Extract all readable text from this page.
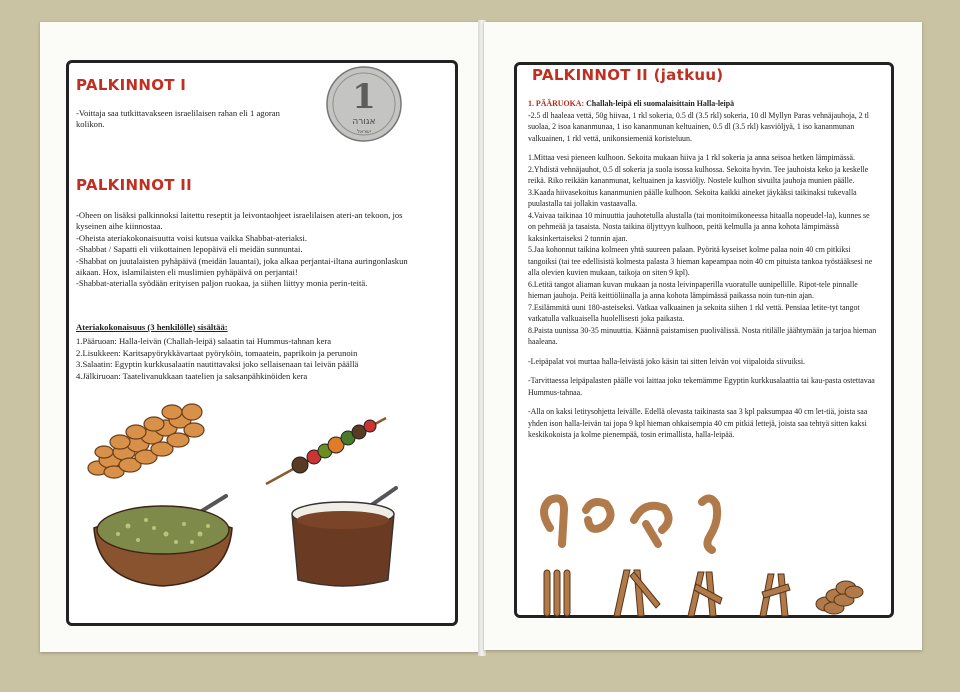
PALKINNOT I

-Voittaja saa tutkittavakseen israelilaisen rahan eli 1 agoran kolikon.

1
אגורה
ישראל
PALKINNOT II

-Oheen on lisäksi palkinnoksi laitettu reseptit ja leivontaohjeet israelilaisen ateri-an tekoon, jos kyseinen aihe kiinnostaa.

-Oheista ateriakokonaisuutta voisi kutsua vaikka Shabbat-ateriaksi.

-Shabbat / Sapatti eli viikottainen lepopäivä eli meidän sunnuntai.

-Shabbat on juutalaisten pyhäpäivä (meidän lauantai), joka alkaa perjantai-iltana auringonlaskun aikaan. Hox, islamilaisten eli muslimien pyhäpäivä on perjantai!

-Shabbat-aterialla syödään erityisen paljon ruokaa, ja siihen liittyy monia perin-teitä.

Ateriakokonaisuus (3 henkilölle) sisältää:

1.Pääruoan: Halla-leivän (Challah-leipä) salaatin tai Hummus-tahnan kera

2.Lisukkeen: Karitsapyörykkävartaat pyöryköin, tomaatein, paprikoin ja perunoin

3.Salaatin: Egyptin kurkkusalaatin nautittavaksi joko sellaisenaan tai leivän päällä

4.Jälkiruoan: Taatelivanukkaan taatelien ja saksanpähkinöiden kera

PALKINNOT II (jatkuu)

1. PÄÄRUOKA: Challah-leipä eli suomalaisittain Halla-leipä

-2.5 dl haaleaa vettä, 50g hiivaa, 1 rkl sokeria, 0.5 dl (3.5 rkl) sokeria, 10 dl Myllyn Paras vehnäjauhoja, 2 tl suolaa, 2 isoa kananmunaa, 1 iso kananmunan keltuainen, 0.5 dl (3.5 rkl) kasviöljyä, 1 iso kananmunan valkuainen, 1 rkl vettä, unikonsiemeniä koristeluun.

1.Mittaa vesi pieneen kulhoon. Sekoita mukaan hiiva ja 1 rkl sokeria ja anna seisoa hetken lämpimässä.

2.Yhdistä vehnäjauhot, 0.5 dl sokeria ja suola isossa kulhossa. Sekoita hyvin. Tee jauhoista keko ja keskelle reikä. Riko reikään kananmunat, keltuainen ja kasviöljy. Nostele kulhon sivuilta jauhoja munien päälle.

3.Kaada hiivasekoitus kananmunien päälle kulhoon. Sekoita kaikki aineket jäykäksi taikinaksi tukevalla puulastalla tai jollakin vastaavalla.

4.Vaivaa taikinaa 10 minuuttia jauhotetulla alustalla (tai monitoimikoneessa hitaalla nopeudel-la), kunnes se on pehmeää ja tasaista. Nosta taikina öljyttyyn kulhoon, peitä kelmulla ja anna kohota lämpimässä kaksinkertaiseksi 2 tunnin ajan.

5.Jaa kohonnut taikina kolmeen yhtä suureen palaan. Pyöritä kyseiset kolme palaa noin 40 cm pitkiksi tangoiksi (tai tee edellisistä kolmesta palasta 3 hieman kapeampaa noin 40 cm pituista tankoa työstääksesi ne alla olevien kuvien mukaan, taikoja on siten 9 kpl).

6.Letitä tangot aliaman kuvan mukaan ja nosta leivinpaperilla vuoratulle uunipellille. Ripot-tele pinnalle hieman jauhoja. Peitä keittiöliinalla ja anna kohota lämpimässä paikassa noin tun-nin ajan.

7.Esilämmitä uuni 180-asteiseksi. Vatkaa valkuainen ja sekoita siihen 1 rkl vettä. Pensiaa letite-tyt tangot vatkatulla valkuaisella huolellisesti joka paikasta.

8.Paista uunissa 30-35 minuuttia. Käännä paistamisen puolivälissä. Nosta ritilälle jäähtymään ja tarjoa hieman haaleana.

-Leipäpalat voi murtaa halla-leivästä joko käsin tai sitten leivän voi viipaloida siivuiksi.

-Tarvittaessa leipäpalasten päälle voi laittaa joko tekemämme Egyptin kurkkusalaattia tai kau-pasta ostettavaa Hummus-tahnaa.

-Alla on kaksi letitysohjetta leivälle. Edellä olevasta taikinasta saa 3 kpl paksumpaa 40 cm let-tiä, joista saa yhden ison halla-leivän tai jopa 9 kpl hieman ohkaisempia 40 cm pitkiä lettejä, joista saa tehtyä sitten kaksi keskikokoista ja kolme pienempää, tosin erimallista, halla-leipää.
